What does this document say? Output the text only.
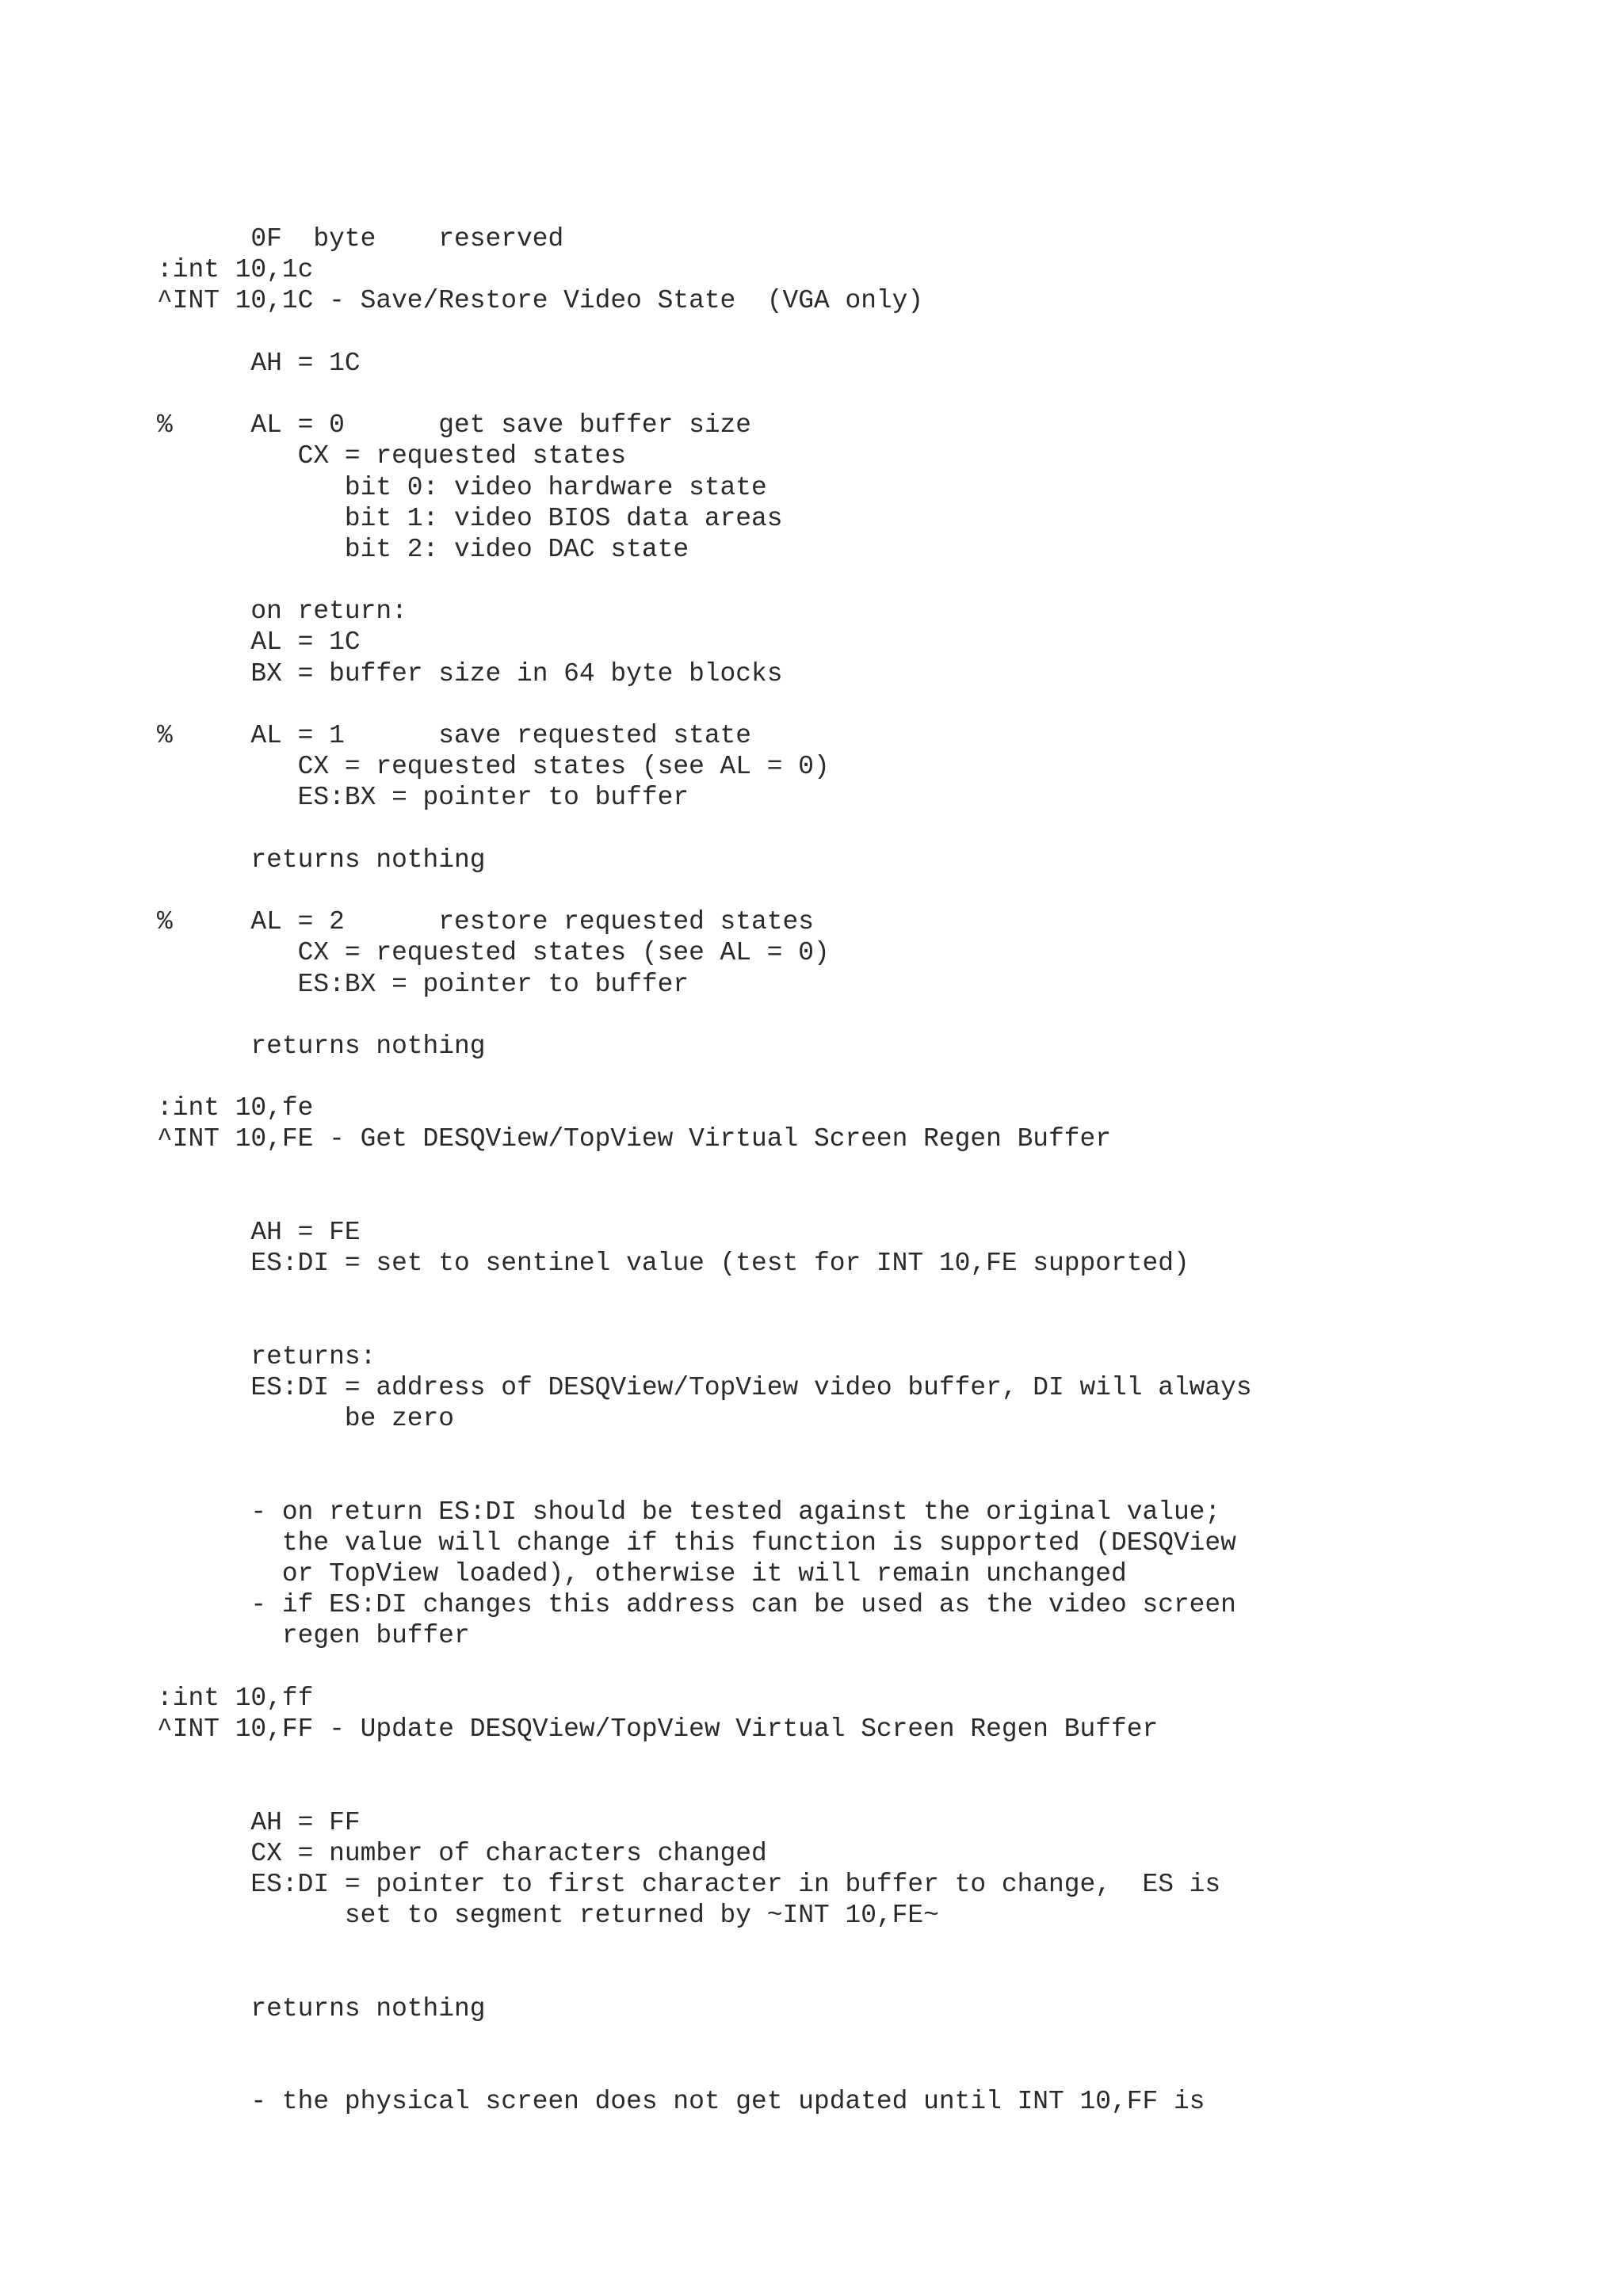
0F  byte    reserved
:int 10,1c
^INT 10,1C - Save/Restore Video State  (VGA only)

AH = 1C

%     AL = 0      get save buffer size
CX = requested states
bit 0: video hardware state
bit 1: video BIOS data areas
bit 2: video DAC state

on return:
AL = 1C
BX = buffer size in 64 byte blocks

%     AL = 1      save requested state
CX = requested states (see AL = 0)
ES:BX = pointer to buffer

returns nothing

%     AL = 2      restore requested states
CX = requested states (see AL = 0)
ES:BX = pointer to buffer

returns nothing

:int 10,fe
^INT 10,FE - Get DESQView/TopView Virtual Screen Regen Buffer

AH = FE
ES:DI = set to sentinel value (test for INT 10,FE supported)

returns:
ES:DI = address of DESQView/TopView video buffer, DI will always
be zero

- on return ES:DI should be tested against the original value;
the value will change if this function is supported (DESQView
or TopView loaded), otherwise it will remain unchanged
- if ES:DI changes this address can be used as the video screen
regen buffer

:int 10,ff
^INT 10,FF - Update DESQView/TopView Virtual Screen Regen Buffer

AH = FF
CX = number of characters changed
ES:DI = pointer to first character in buffer to change,  ES is
set to segment returned by ~INT 10,FE~

returns nothing

- the physical screen does not get updated until INT 10,FF is
